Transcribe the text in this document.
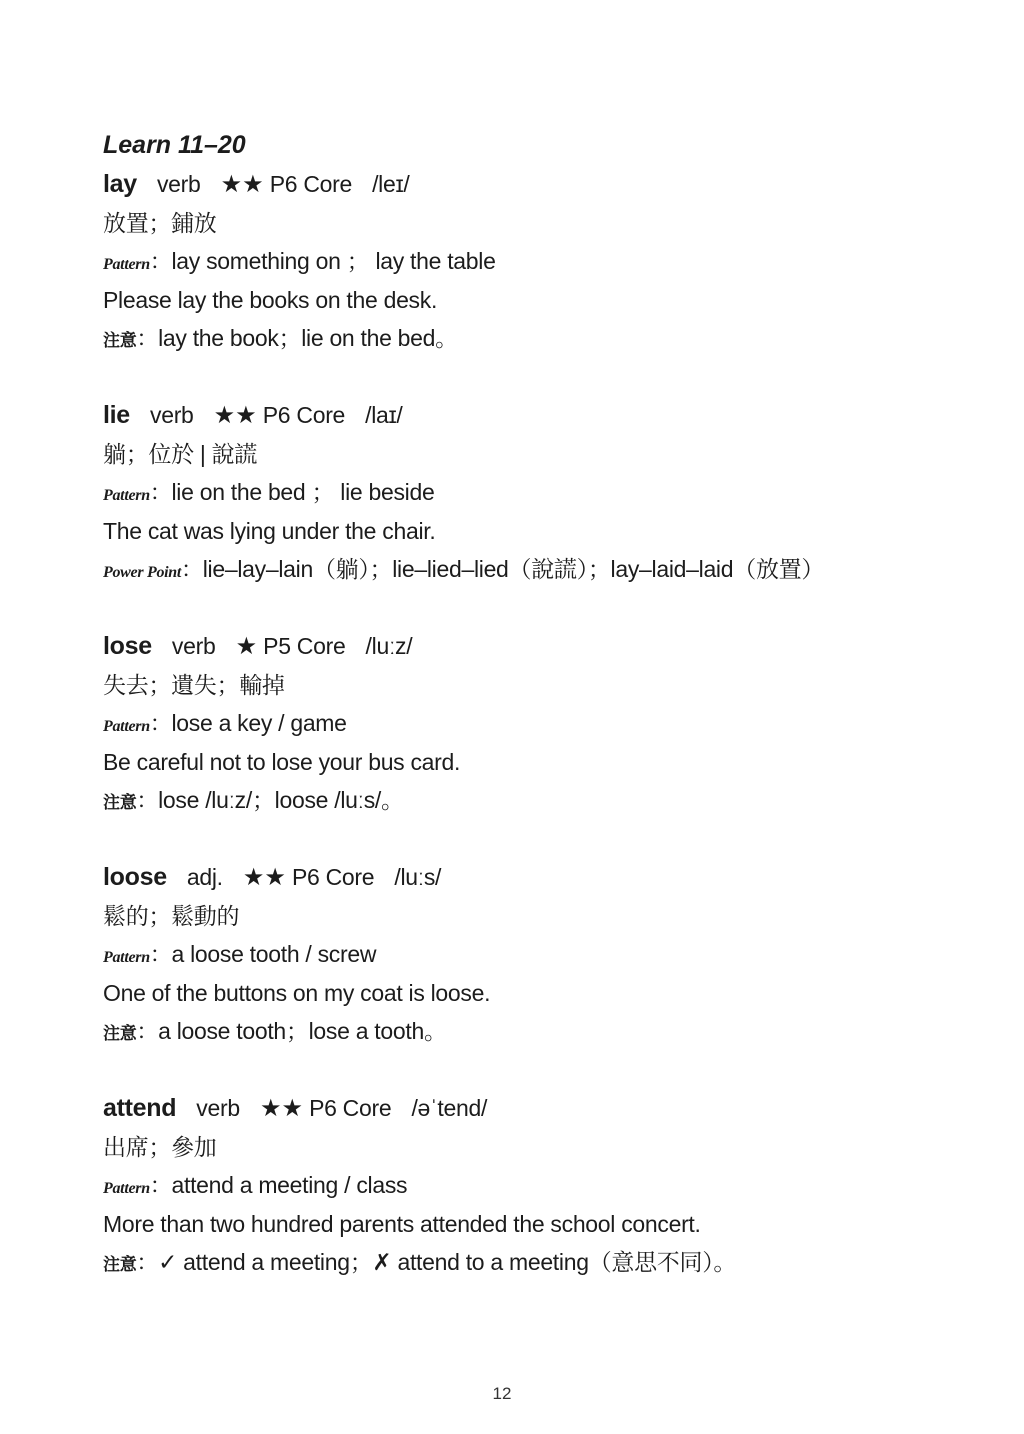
Learn 11–20
lay verb ★★ P6 Core /leɪ/
放置；鋪放
Pattern：lay something on ； lay the table
Please lay the books on the desk.
注意：lay the book；lie on the bed。
lie verb ★★ P6 Core /laɪ/
躺；位於 | 說謊
Pattern：lie on the bed ； lie beside
The cat was lying under the chair.
Power Point：lie–lay–lain（躺）；lie–lied–lied（說謊）；lay–laid–laid（放置）
lose verb ★ P5 Core /luːz/
失去；遺失；輸掉
Pattern：lose a key / game
Be careful not to lose your bus card.
注意：lose /luːz/；loose /luːs/。
loose adj. ★★ P6 Core /luːs/
鬆的；鬆動的
Pattern：a loose tooth / screw
One of the buttons on my coat is loose.
注意：a loose tooth；lose a tooth。
attend verb ★★ P6 Core /əˈtend/
出席；參加
Pattern：attend a meeting / class
More than two hundred parents attended the school concert.
注意：✓ attend a meeting；✗ attend to a meeting（意思不同）。
12
